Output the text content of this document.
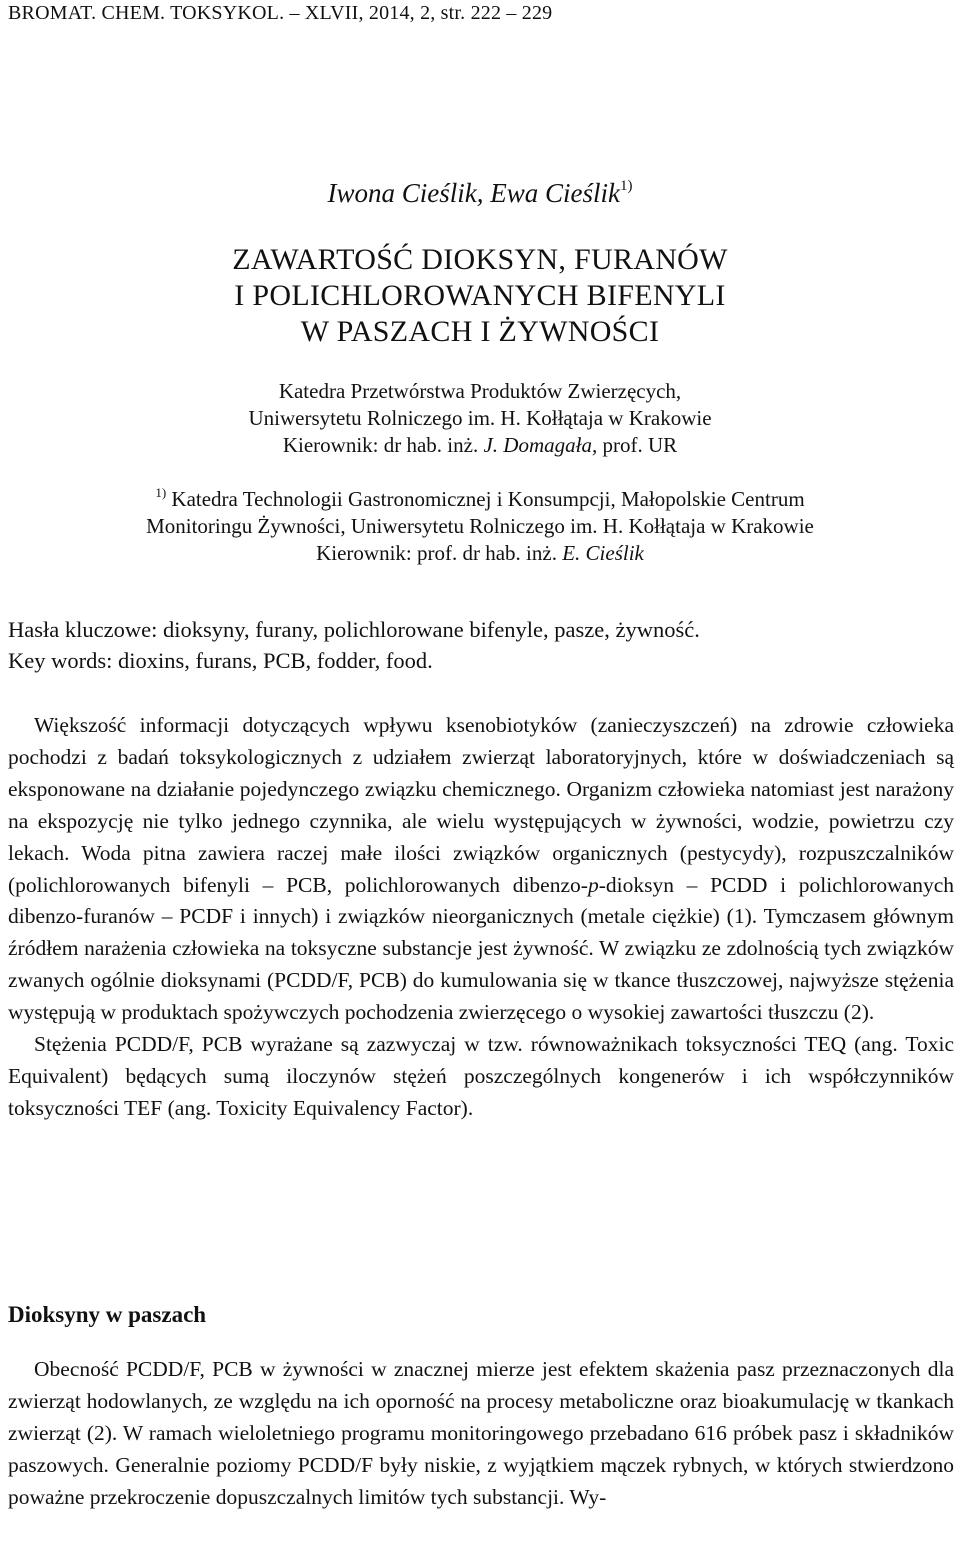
BROMAT. CHEM. TOKSYKOL. – XLVII, 2014, 2, str. 222 – 229
Iwona Cieślik, Ewa Cieślik$^{1)}$
ZAWARTOŚĆ DIOKSYN, FURANÓW
I POLICHLOROWANYCH BIFENYLI
W PASZACH I ŻYWNOŚCI
Katedra Przetwórstwa Produktów Zwierzęcych,
Uniwersytetu Rolniczego im. H. Kołłątaja w Krakowie
Kierownik: dr hab. inż. J. Domagała, prof. UR
$^{1)}$ Katedra Technologii Gastronomicznej i Konsumpcji, Małopolskie Centrum
Monitoringu Żywności, Uniwersytetu Rolniczego im. H. Kołłątaja w Krakowie
Kierownik: prof. dr hab. inż. E. Cieślik
Hasła kluczowe: dioksyny, furany, polichlorowane bifenyle, pasze, żywność.
Key words: dioxins, furans, PCB, fodder, food.

Większość informacji dotyczących wpływu ksenobiotyków (zanieczyszczeń) na zdrowie człowieka pochodzi z badań toksykologicznych z udziałem zwierząt laboratoryjnych, które w doświadczeniach są eksponowane na działanie pojedynczego związku chemicznego. Organizm człowieka natomiast jest narażony na ekspozycję nie tylko jednego czynnika, ale wielu występujących w żywności, wodzie, powietrzu czy lekach. Woda pitna zawiera raczej małe ilości związków organicznych (pestycydy), rozpuszczalników (polichlorowanych bifenyli – PCB, polichlorowanych dibenzo-p-dioksyn – PCDD i polichlorowanych dibenzo-furanów – PCDF i innych) i związków nieorganicznych (metale ciężkie) (1). Tymczasem głównym źródłem narażenia człowieka na toksyczne substancje jest żywność. W związku ze zdolnością tych związków zwanych ogólnie dioksynami (PCDD/F, PCB) do kumulowania się w tkance tłuszczowej, najwyższe stężenia występują w produktach spożywczych pochodzenia zwierzęcego o wysokiej zawartości tłuszczu (2).

Stężenia PCDD/F, PCB wyrażane są zazwyczaj w tzw. równoważnikach toksyczności TEQ (ang. Toxic Equivalent) będących sumą iloczynów stężeń poszczególnych kongenerów i ich współczynników toksyczności TEF (ang. Toxicity Equivalency Factor).

Dioksyny w paszach

Obecność PCDD/F, PCB w żywności w znacznej mierze jest efektem skażenia pasz przeznaczonych dla zwierząt hodowlanych, ze względu na ich oporność na procesy metaboliczne oraz bioakumulację w tkankach zwierząt (2). W ramach wieloletniego programu monitoringowego przebadano 616 próbek pasz i składników paszowych. Generalnie poziomy PCDD/F były niskie, z wyjątkiem mączek rybnych, w których stwierdzono poważne przekroczenie dopuszczalnych limitów tych substancji. Wy-
